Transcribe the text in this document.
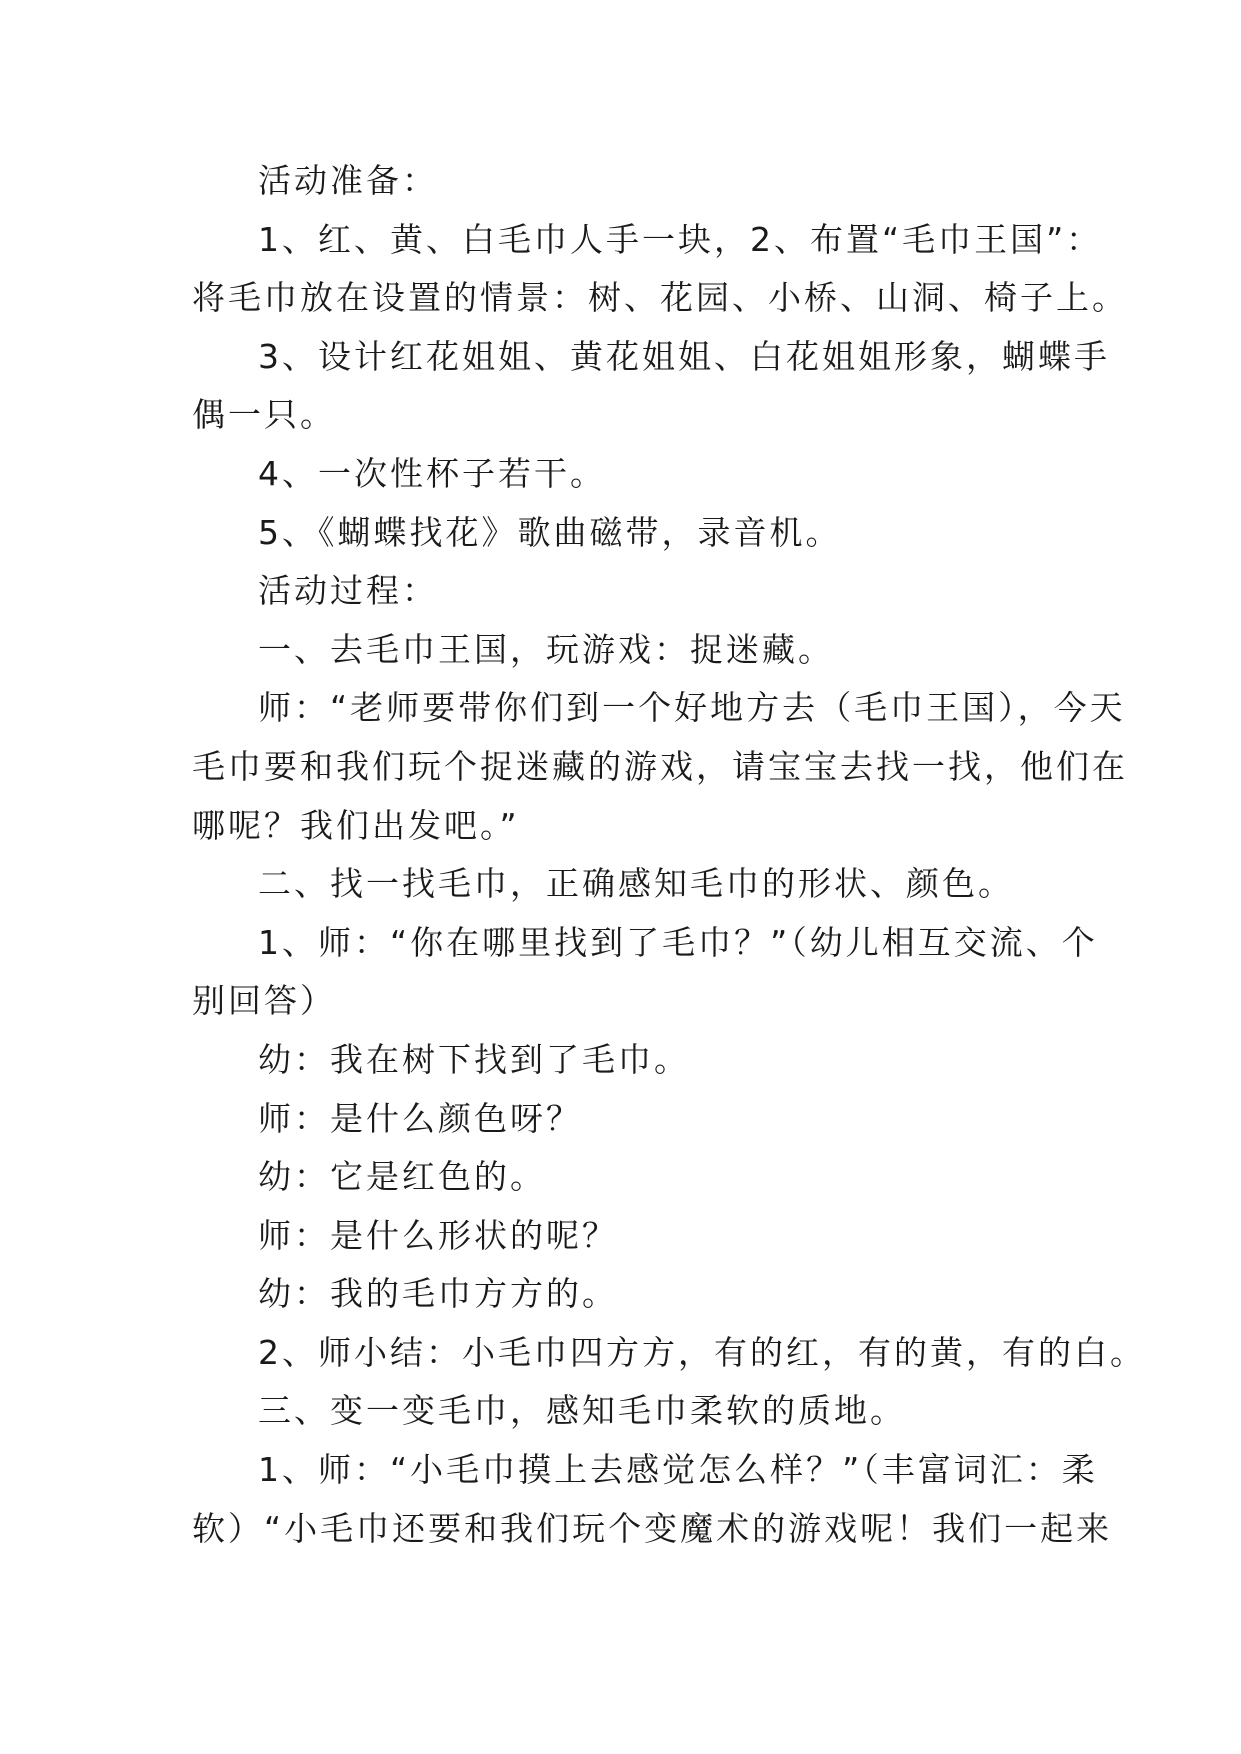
活动准备：
1、红、黄、白毛巾人手一块，2、布置“毛巾王国”：
将毛巾放在设置的情景：树、花园、小桥、山洞、椅子上。
3、设计红花姐姐、黄花姐姐、白花姐姐形象，蝴蝶手
偶一只。
4、一次性杯子若干。
5、《蝴蝶找花》歌曲磁带，录音机。
活动过程：
一、去毛巾王国，玩游戏：捉迷藏。
师：“老师要带你们到一个好地方去（毛巾王国），今天
毛巾要和我们玩个捉迷藏的游戏，请宝宝去找一找，他们在
哪呢？我们出发吧。”
二、找一找毛巾，正确感知毛巾的形状、颜色。
1、师：“你在哪里找到了毛巾？”（幼儿相互交流、个
别回答）
幼：我在树下找到了毛巾。
师：是什么颜色呀？
幼：它是红色的。
师：是什么形状的呢？
幼：我的毛巾方方的。
2、师小结：小毛巾四方方，有的红，有的黄，有的白。
三、变一变毛巾，感知毛巾柔软的质地。
1、师：“小毛巾摸上去感觉怎么样？”（丰富词汇：柔
软）“小毛巾还要和我们玩个变魔术的游戏呢！我们一起来
